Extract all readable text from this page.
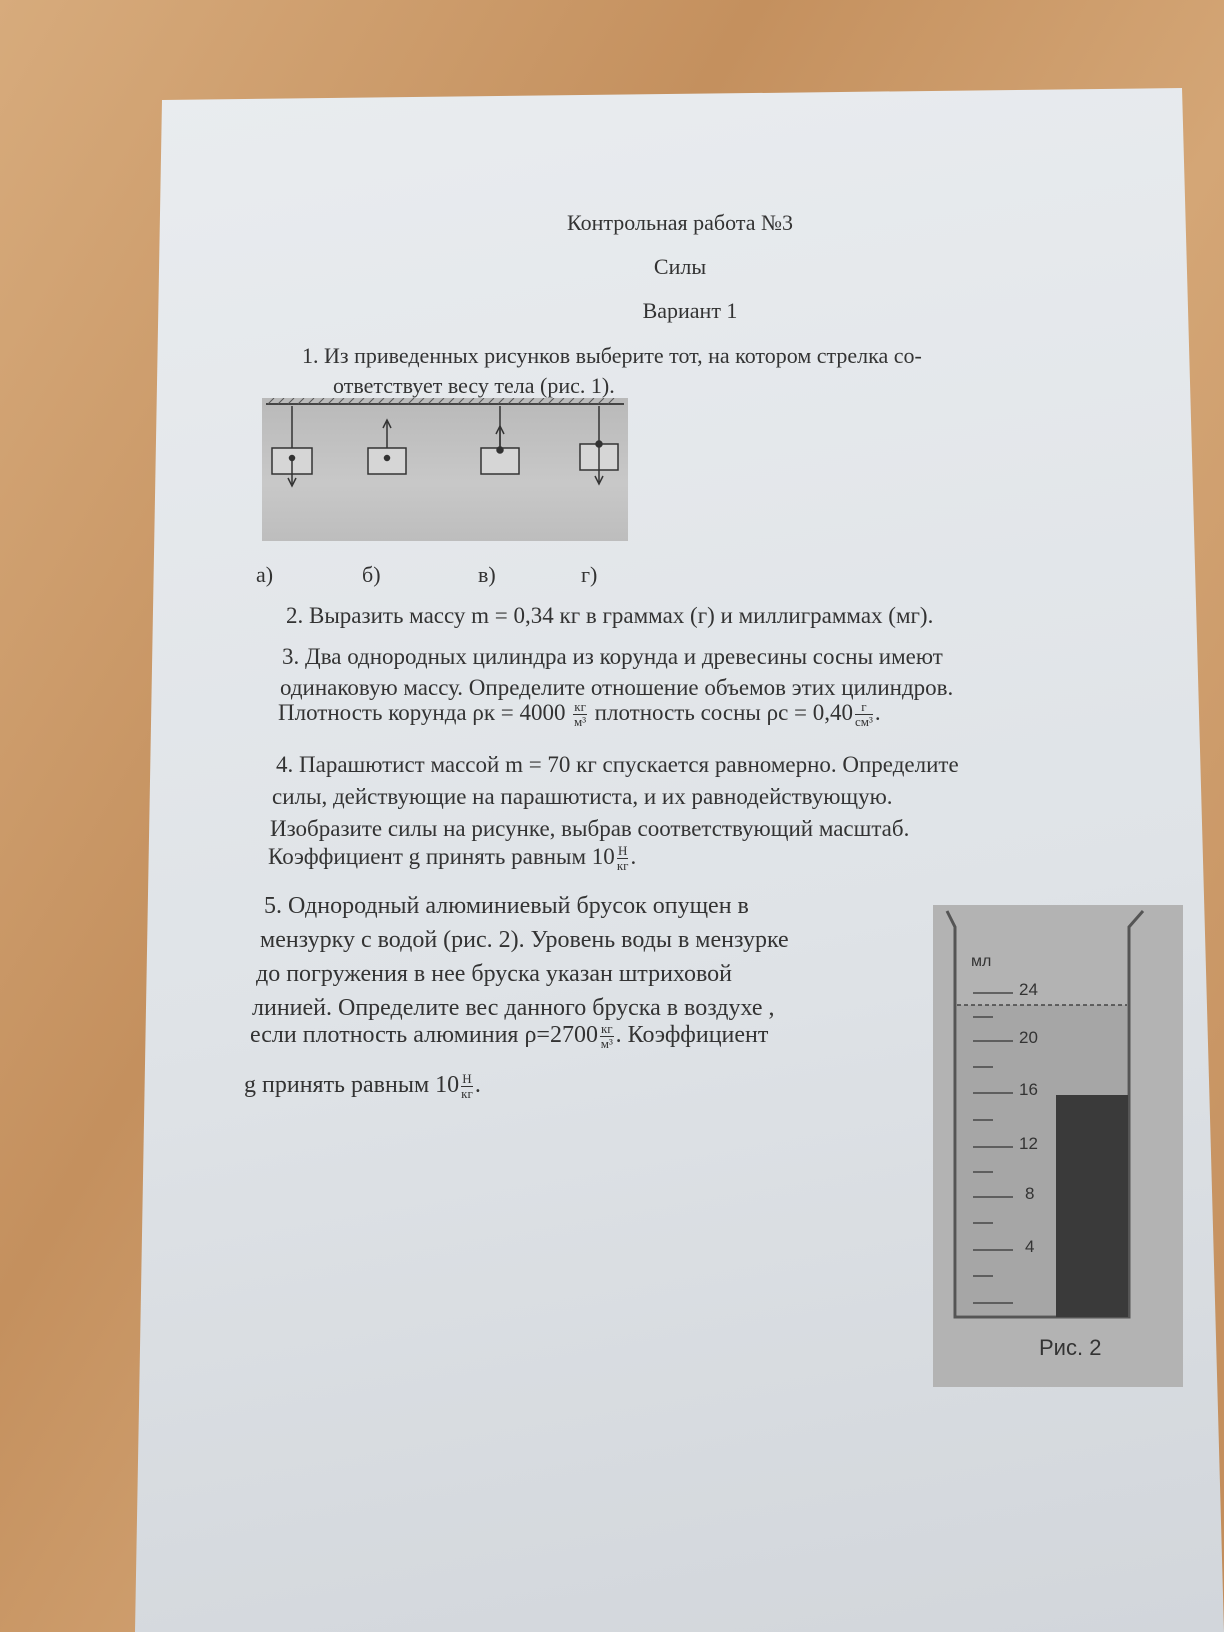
Контрольная работа №3
Силы
Вариант 1
1. Из приведенных рисунков выберите тот, на котором стрелка со-
ответствует весу тела (рис. 1).
а)	б)	в)	г)
2. Выразить массу m = 0,34 кг в граммах (г) и миллиграммах (мг).
3. Два однородных цилиндра из корунда и древесины сосны имеют
одинаковую массу. Определите отношение объемов этих цилиндров.
Плотность корунда $\rho к = 4000 \frac{кг}{\text{м³}}$ плотность сосны $\rho с = 0,40 \frac{г}{\text{см³}}$ .
4. Парашютист массой m = 70 кг спускается равномерно. Определите
силы, действующие на парашютиста, и их равнодействующую.
Изобразите силы на рисунке, выбрав соответствующий масштаб.
Коэффициент g принять равным $10 \frac{Н}{кг}$ .
5. Однородный алюминиевый брусок опущен в
мензурку с водой (рис. 2). Уровень воды в мензурке
до погружения в нее бруска указан штриховой
линией. Определите вес данного бруска в воздухе ,
если плотность алюминия $\rho=2700 \frac{кг}{\text{м³}}$ . Коэффициент
g принять равным $10 \frac{Н}{кг}$ .
мл
24
20
16
12
8
4
Рис. 2
